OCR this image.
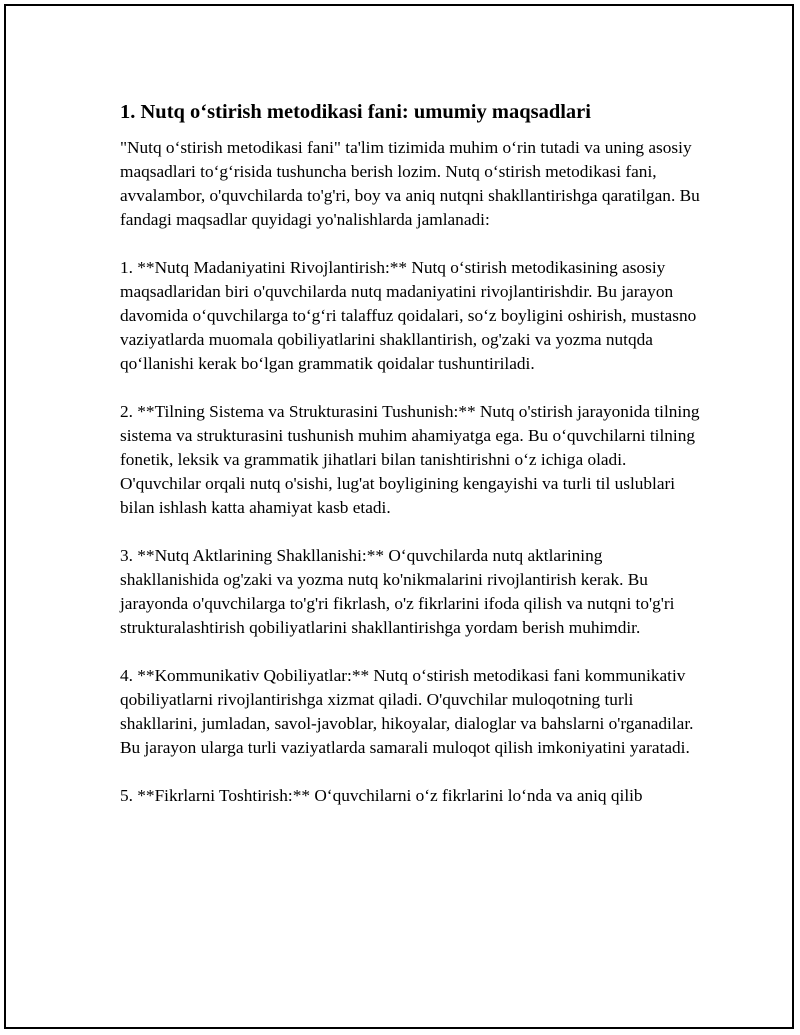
1. Nutq o‘stirish metodikasi fani: umumiy maqsadlari

"Nutq o‘stirish metodikasi fani" ta'lim tizimida muhim o‘rin tutadi va uning asosiy maqsadlari to‘g‘risida tushuncha berish lozim. Nutq o‘stirish metodikasi fani, avvalambor, o'quvchilarda to'g'ri, boy va aniq nutqni shakllantirishga qaratilgan. Bu fandagi maqsadlar quyidagi yo'nalishlarda jamlanadi:

1. **Nutq Madaniyatini Rivojlantirish:** Nutq o‘stirish metodikasining asosiy maqsadlaridan biri o'quvchilarda nutq madaniyatini rivojlantirishdir. Bu jarayon davomida o‘quvchilarga to‘g‘ri talaffuz qoidalari, so‘z boyligini oshirish, mustasno vaziyatlarda muomala qobiliyatlarini shakllantirish, og'zaki va yozma nutqda qo‘llanishi kerak bo‘lgan grammatik qoidalar tushuntiriladi.

2. **Tilning Sistema va Strukturasini Tushunish:** Nutq o'stirish jarayonida tilning sistema va strukturasini tushunish muhim ahamiyatga ega. Bu o‘quvchilarni tilning fonetik, leksik va grammatik jihatlari bilan tanishtirishni o‘z ichiga oladi. O'quvchilar orqali nutq o'sishi, lug'at boyligining kengayishi va turli til uslublari bilan ishlash katta ahamiyat kasb etadi.

3. **Nutq Aktlarining Shakllanishi:** O‘quvchilarda nutq aktlarining shakllanishida og'zaki va yozma nutq ko'nikmalarini rivojlantirish kerak. Bu jarayonda o'quvchilarga to'g'ri fikrlash, o'z fikrlarini ifoda qilish va nutqni to'g'ri strukturalashtirish qobiliyatlarini shakllantirishga yordam berish muhimdir.

4. **Kommunikativ Qobiliyatlar:** Nutq o‘stirish metodikasi fani kommunikativ qobiliyatlarni rivojlantirishga xizmat qiladi. O'quvchilar muloqotning turli shakllarini, jumladan, savol-javoblar, hikoyalar, dialoglar va bahslarni o'rganadilar. Bu jarayon ularga turli vaziyatlarda samarali muloqot qilish imkoniyatini yaratadi.

5. **Fikrlarni Toshtirish:** O‘quvchilarni o‘z fikrlarini lo‘nda va aniq qilib
